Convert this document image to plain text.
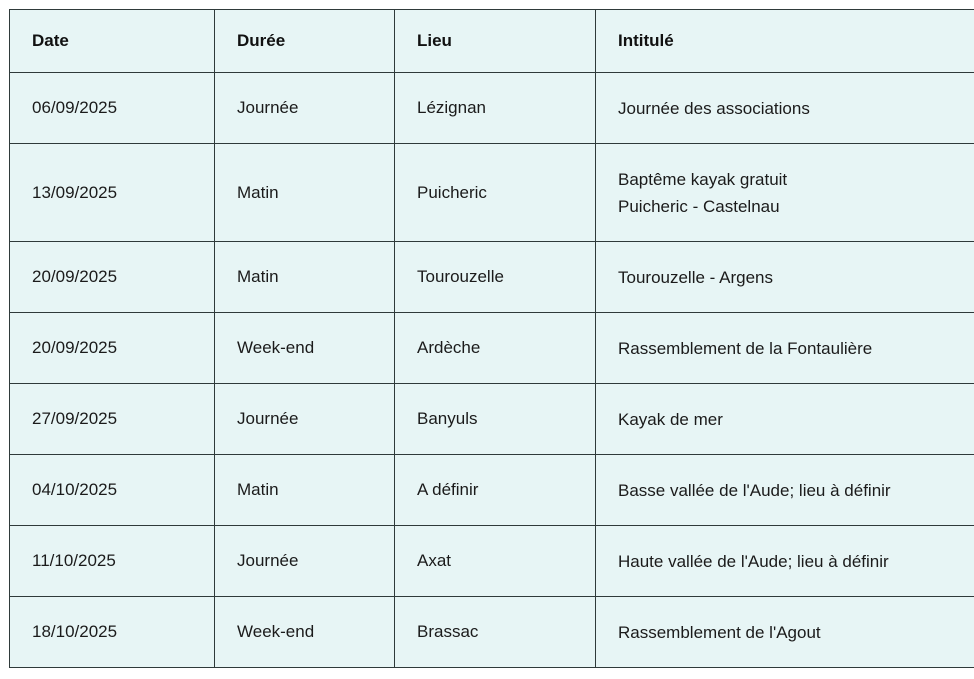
Date	Durée	Lieu	Intitulé
06/09/2025	Journée	Lézignan	Journée des associations

13/09/2025	Matin	Puicheric	Baptême kayak gratuit
Puicheric - Castelnau

20/09/2025	Matin	Tourouzelle	Tourouzelle - Argens

20/09/2025	Week-end	Ardèche	Rassemblement de la Fontaulière

27/09/2025	Journée	Banyuls	Kayak de mer

04/10/2025	Matin	A définir	Basse vallée de l'Aude; lieu à définir

11/10/2025	Journée	Axat	Haute vallée de l'Aude; lieu à définir

18/10/2025	Week-end	Brassac	Rassemblement de l'Agout
